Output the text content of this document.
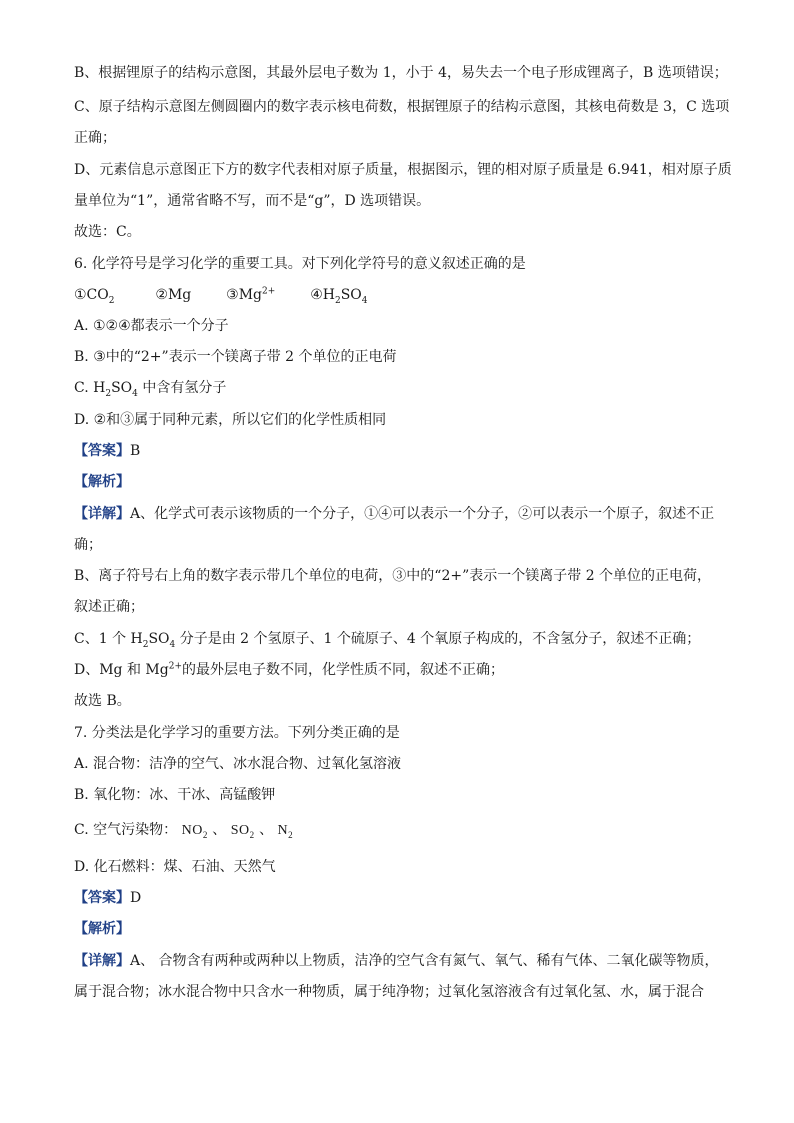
B、根据锂原子的结构示意图，其最外层电子数为 1，小于 4，易失去一个电子形成锂离子，B 选项错误；
C、原子结构示意图左侧圆圈内的数字表示核电荷数，根据锂原子的结构示意图，其核电荷数是 3，C 选项
正确；
D、元素信息示意图正下方的数字代表相对原子质量，根据图示，锂的相对原子质量是 6.941，相对原子质
量单位为“1”，通常省略不写，而不是“g”，D 选项错误。
故选：C。
6. 化学符号是学习化学的重要工具。对下列化学符号的意义叙述正确的是
$①CO_2$	②Mg $③Mg^{2+}$ $④H_2SO_4$
A. ①②④都表示一个分子
B. ③中的“2+”表示一个镁离子带 2 个单位的正电荷
C. $H_2SO_4$ 中含有氢分子
D. ②和③属于同种元素，所以它们的化学性质相同
【答案】B
【解析】
【详解】A、化学式可表示该物质的一个分子，①④可以表示一个分子，②可以表示一个原子，叙述不正
确；
B、离子符号右上角的数字表示带几个单位的电荷，③中的“2+”表示一个镁离子带 2 个单位的正电荷，
叙述正确；
C、1 个 $H_2SO_4$ 分子是由 2 个氢原子、1 个硫原子、4 个氧原子构成的，不含氢分子，叙述不正确；
D、Mg 和 $Mg^{2+}$的最外层电子数不同，化学性质不同，叙述不正确；
故选 B。
7. 分类法是化学学习的重要方法。下列分类正确的是
A. 混合物：洁净的空气、冰水混合物、过氧化氢溶液
B. 氧化物：冰、干冰、高锰酸钾
C. 空气污染物： $NO_2$ 、 $SO_2$ 、 $N_2$
D. 化石燃料：煤、石油、天然气
【答案】D
【解析】
【详解】A、 合物含有两种或两种以上物质，洁净的空气含有氮气、氧气、稀有气体、二氧化碳等物质，
属于混合物；冰水混合物中只含水一种物质，属于纯净物；过氧化氢溶液含有过氧化氢、水，属于混合
